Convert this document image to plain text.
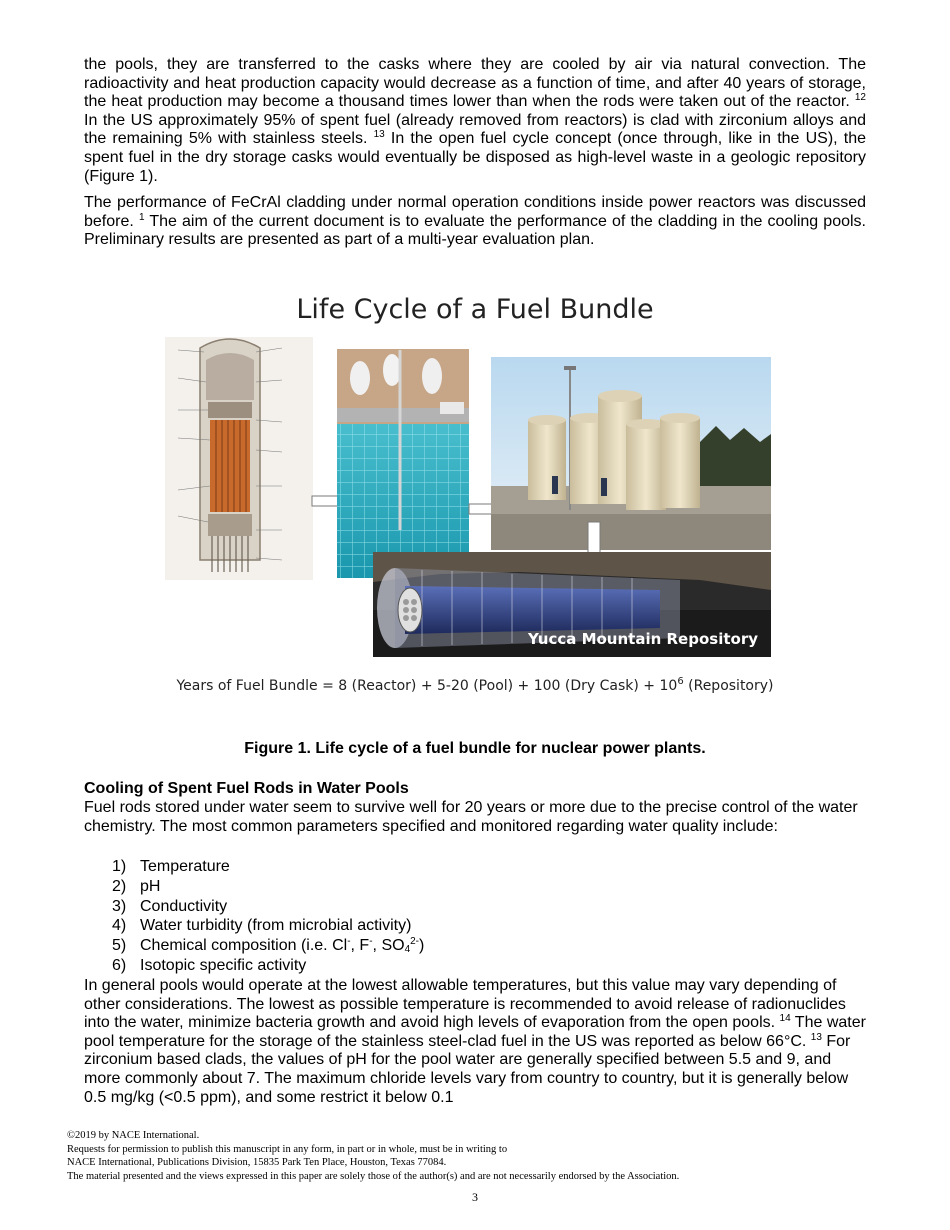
the pools, they are transferred to the casks where they are cooled by air via natural convection. The radioactivity and heat production capacity would decrease as a function of time, and after 40 years of storage, the heat production may become a thousand times lower than when the rods were taken out of the reactor. $^{12}$ In the US approximately 95% of spent fuel (already removed from reactors) is clad with zirconium alloys and the remaining 5% with stainless steels. $^{13}$ In the open fuel cycle concept (once through, like in the US), the spent fuel in the dry storage casks would eventually be disposed as high-level waste in a geologic repository (Figure 1).

The performance of FeCrAl cladding under normal operation conditions inside power reactors was discussed before. $^1$ The aim of the current document is to evaluate the performance of the cladding in the cooling pools. Preliminary results are presented as part of a multi-year evaluation plan.

Life Cycle of a Fuel Bundle
Yucca Mountain Repository
Years of Fuel Bundle = 8 (Reactor) + 5-20 (Pool) + 100 (Dry Cask) + $10^6$ (Repository)
Figure 1. Life cycle of a fuel bundle for nuclear power plants.
Cooling of Spent Fuel Rods in Water Pools

Fuel rods stored under water seem to survive well for 20 years or more due to the precise control of the water chemistry. The most common parameters specified and monitored regarding water quality include:

1) Temperature
2) pH
3) Conductivity
4) Water turbidity (from microbial activity)
5) Chemical composition (i.e. Cl-, F-, $SO_4^{2-}$)
6) Isotopic specific activity

In general pools would operate at the lowest allowable temperatures, but this value may vary depending of other considerations. The lowest as possible temperature is recommended to avoid release of radionuclides into the water, minimize bacteria growth and avoid high levels of evaporation from the open pools. $^{14}$ The water pool temperature for the storage of the stainless steel-clad fuel in the US was reported as below 66°C. $^{13}$ For zirconium based clads, the values of pH for the pool water are generally specified between 5.5 and 9, and more commonly about 7. The maximum chloride levels vary from country to country, but it is generally below 0.5 mg/kg (<0.5 ppm), and some restrict it below 0.1

©2019 by NACE International.
Requests for permission to publish this manuscript in any form, in part or in whole, must be in writing to
NACE International, Publications Division, 15835 Park Ten Place, Houston, Texas 77084.
The material presented and the views expressed in this paper are solely those of the author(s) and are not necessarily endorsed by the Association.
3
